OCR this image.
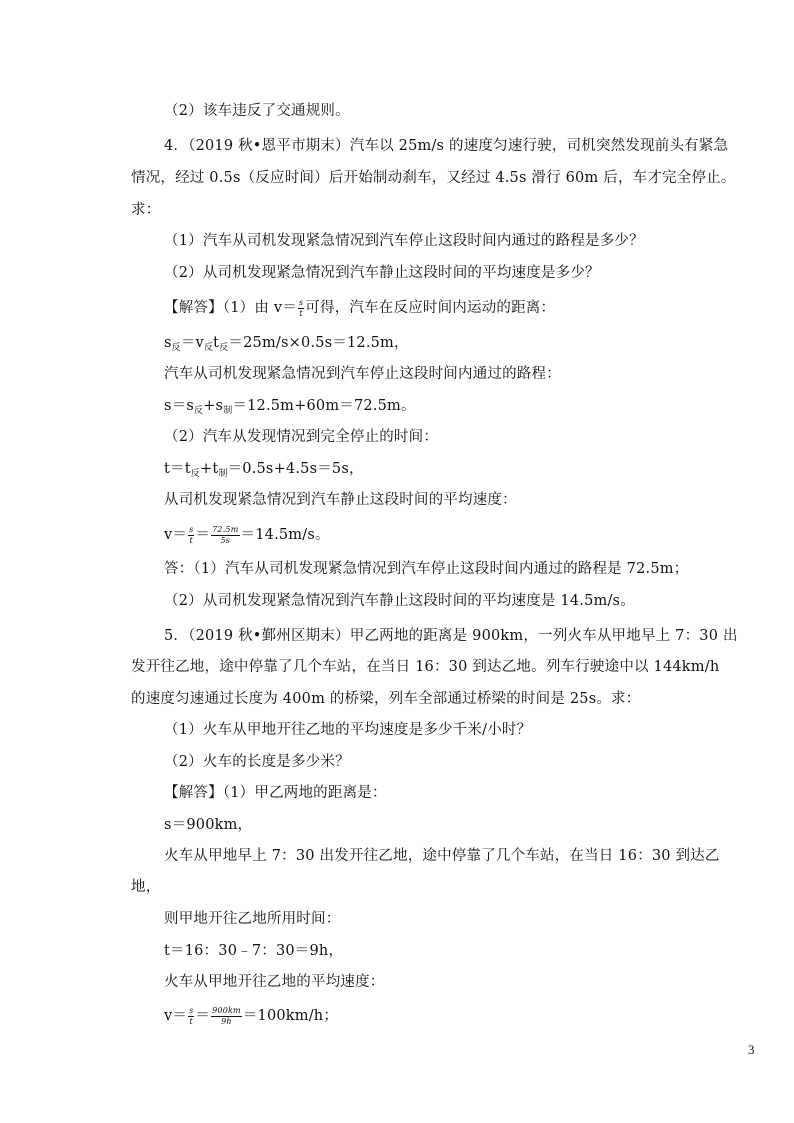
（2）该车违反了交通规则。
4．（2019 秋•恩平市期末）汽车以 25m/s 的速度匀速行驶，司机突然发现前头有紧急
情况，经过 0.5s（反应时间）后开始制动刹车，又经过 4.5s 滑行 60m 后，车才完全停止。
求：
（1）汽车从司机发现紧急情况到汽车停止这段时间内通过的路程是多少？
（2）从司机发现紧急情况到汽车静止这段时间的平均速度是多少？
【解答】（1）由 $v= \frac{s}{t}$ 可得，汽车在反应时间内运动的距离：
$s_反=v_反t_反=25m/s\times 0.5s=12.5m$，
汽车从司机发现紧急情况到汽车停止这段时间内通过的路程：
$s=s_反+s_制=12.5m+60m=72.5m$。
（2）汽车从发现情况到完全停止的时间：
$t=t_反+t_制=0.5s+4.5s=5s$，
从司机发现紧急情况到汽车静止这段时间的平均速度：
$v= \frac{s}{t} = \frac{72.5m}{5s} =14.5m/s$。
答：（1）汽车从司机发现紧急情况到汽车停止这段时间内通过的路程是 72.5m；
（2）从司机发现紧急情况到汽车静止这段时间的平均速度是 14.5m/s。
5．（2019 秋•鄞州区期末）甲乙两地的距离是 900km，一列火车从甲地早上 7：30 出
发开往乙地，途中停靠了几个车站，在当日 16：30 到达乙地。列车行驶途中以 144km/h
的速度匀速通过长度为 400m 的桥梁，列车全部通过桥梁的时间是 25s。求：
（1）火车从甲地开往乙地的平均速度是多少千米/小时？
（2）火车的长度是多少米？
【解答】（1）甲乙两地的距离是：
s＝900km，
火车从甲地早上 7：30 出发开往乙地，途中停靠了几个车站，在当日 16：30 到达乙
地，
则甲地开往乙地所用时间：
t＝16：30﹣7：30＝9h，
火车从甲地开往乙地的平均速度：
$v= \frac{s}{t} = \frac{900km}{9h} =100km/h$；
3
